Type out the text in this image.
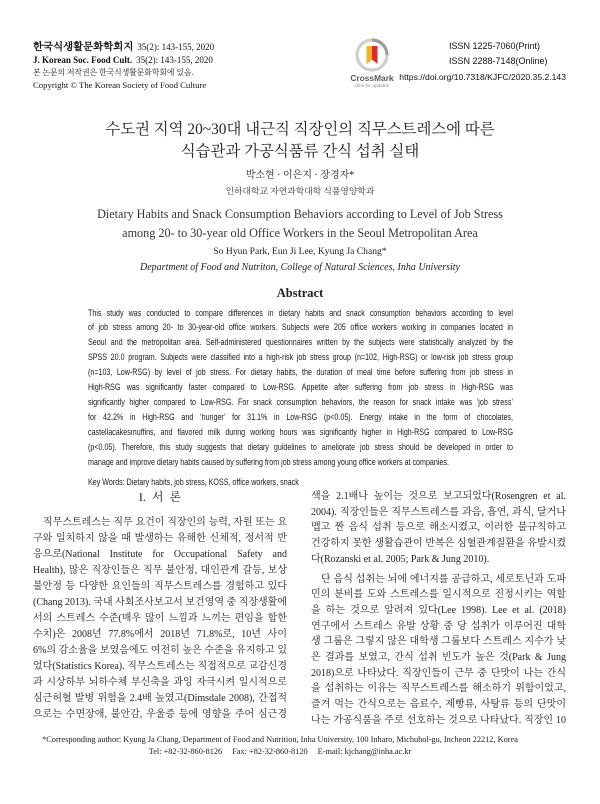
한국식생활문화학회지 35(2): 143-155, 2020
J. Korean Soc. Food Cult. 35(2): 143-155, 2020
본 논문의 저작권은 한국식생활문화학회에 있음.
Copyright © The Korean Society of Food Culture
CrossMark
click for updates
ISSN 1225-7060(Print)
ISSN 2288-7148(Online)
https://doi.org/10.7318/KJFC/2020.35.2.143
수도권 지역 20~30대 내근직 직장인의 직무스트레스에 따른
식습관과 가공식품류 간식 섭취 실태
박소현 · 이은지 · 장경자*
인하대학교 자연과학대학 식품영양학과
Dietary Habits and Snack Consumption Behaviors according to Level of Job Stress
among 20- to 30-year old Office Workers in the Seoul Metropolitan Area
So Hyun Park, Eun Ji Lee, Kyung Ja Chang*
Department of Food and Nutriton, College of Natural Sciences, Inha University
Abstract
This study was conducted to compare differences in dietary habits and snack consumption behaviors according to level
of job stress among 20- to 30-year-old office workers. Subjects were 205 office workers working in companies located in
Seoul and the metropolitan area. Self-administered questionnaires written by the subjects were statistically analyzed by the
SPSS 20.0 program. Subjects were classified into a high-risk job stress group (n=102, High-RSG) or low-risk job stress group
(n=103, Low-RSG) by level of job stress. For dietary habits, the duration of meal time before suffering from job stress in
High-RSG was significantly faster compared to Low-RSG. Appetite after suffering from job stress in High-RSG was
significantly higher compared to Low-RSG. For snack consumption behaviors, the reason for snack intake was ‘job stress’
for 42.2% in High-RSG and ‘hunger’ for 31.1% in Low-RSG (p<0.05). Energy intake in the form of chocolates,
castellacakesmuffins, and flavored milk during working hours was significantly higher in High-RSG compared to Low-RSG
(p<0.05). Therefore, this study suggests that dietary guidelines to ameliorate job stress should be developed in order to
manage and improve dietary habits caused by suffering from job stress among young office workers at companies.
Key Words: Dietary habits, job stress, KOSS, office workers, snack
I. 서 론
직무스트레스는 직무 요건이 직장인의 능력, 자원 또는 요
구와 일치하지 않을 때 발생하는 유해한 신체적, 정서적 반
응으로(National Institute for Occupational Safety and
Health), 많은 직장인들은 직무 불안정, 대인관계 갈등, 보상
불안정 등 다양한 요인들의 직무스트레스를 경험하고 있다
(Chang 2013). 국내 사회조사보고서 보건영역 중 직장생활에
서의 스트레스 수준(매우 많이 느낌과 느끼는 편임을 합한
수치)은 2008년 77.8%에서 2018년 71.8%로, 10년 사이
6%의 감소율을 보였음에도 여전히 높은 수준을 유지하고 있
었다(Statistics Korea). 직무스트레스는 직접적으로 교감신경
과 시상하부 뇌하수체 부신축을 과잉 자극시켜 일시적으로
심근허혈 발병 위험을 2.4배 높였고(Dimsdale 2008), 간접적
으로는 수면장애, 불안감, 우울증 등에 영향을 주어 심근경
색을 2.1배나 높이는 것으로 보고되었다(Rosengren et al.
2004). 직장인들은 직무스트레스를 과음, 흡연, 과식, 달거나
맵고 짠 음식 섭취 등으로 해소시켰고, 이러한 불규칙하고
건강하지 못한 생활습관이 반복은 심혈관계질환을 유발시켰
다(Rozanski et al. 2005; Park & Jung 2010).
단 음식 섭취는 뇌에 에너지를 공급하고, 세로토닌과 도파
민의 분비를 도와 스트레스를 일시적으로 진정시키는 역할
을 하는 것으로 알려져 있다(Lee 1998). Lee et al. (2018)
연구에서 스트레스 유발 상황 중 당 섭취가 이루어진 대학
생 그룹은 그렇지 않은 대학생 그룹보다 스트레스 지수가 낮
은 결과를 보였고, 간식 섭취 빈도가 높은 것(Park & Jung
2018)으로 나타났다. 직장인들이 근무 중 단맛이 나는 간식
을 섭취하는 이유는 직무스트레스를 해소하기 위함이었고,
즐겨 먹는 간식으로는 음료수, 제빵류, 사탕류 등의 단맛이
나는 가공식품을 주로 선호하는 것으로 나타났다. 직장인 10
*Corresponding author: Kyung Ja Chang, Department of Food and Nutrition, Inha University, 100 Inharo, Michuhol-gu, Incheon 22212, Korea
Tel: +82-32-860-8126 Fax: +82-32-860-8120 E-mail: kjchang@inha.ac.kr
